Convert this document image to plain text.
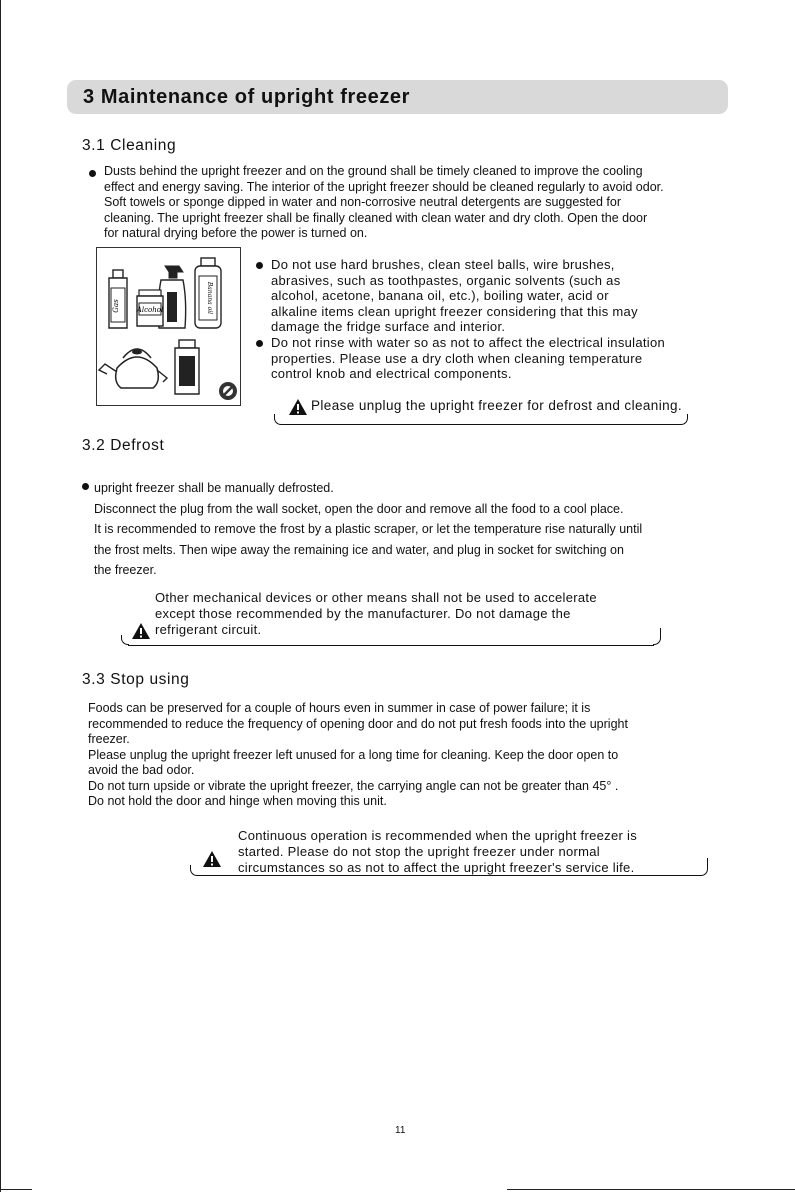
3 Maintenance of upright freezer
3.1 Cleaning
Dusts behind the upright freezer and on the ground shall be timely cleaned to improve the cooling
effect and energy saving. The interior of the upright freezer should be cleaned regularly to avoid odor.
Soft towels or sponge dipped in water and non-corrosive neutral detergents are suggested for
cleaning. The upright freezer shall be finally cleaned with clean water and dry cloth. Open the door
for natural drying before the power is turned on.
Gas Alcohol	Banana oil
Do not use hard brushes, clean steel balls, wire brushes,
abrasives, such as toothpastes, organic solvents (such as
alcohol, acetone, banana oil, etc.), boiling water, acid or
alkaline items clean upright freezer considering that this may
damage the fridge surface and interior.
Do not rinse with water so as not to affect the electrical insulation
properties. Please use a dry cloth when cleaning temperature
control knob and electrical components.
Please unplug the upright freezer for defrost and cleaning.
3.2 Defrost
upright freezer shall be manually defrosted.
Disconnect the plug from the wall socket, open the door and remove all the food to a cool place.
It is recommended to remove the frost by a plastic scraper, or let the temperature rise naturally until
the frost melts. Then wipe away the remaining ice and water, and plug in socket for switching on
the freezer.
Other mechanical devices or other means shall not be used to accelerate
except those recommended by the manufacturer. Do not damage the
refrigerant circuit.
3.3 Stop using
Foods can be preserved for a couple of hours even in summer in case of power failure; it is
recommended to reduce the frequency of opening door and do not put fresh foods into the upright
freezer.
Please unplug the upright freezer left unused for a long time for cleaning. Keep the door open to
avoid the bad odor.
Do not turn upside or vibrate the upright freezer, the carrying angle can not be greater than 45° .
Do not hold the door and hinge when moving this unit.
Continuous operation is recommended when the upright freezer is
started. Please do not stop the upright freezer under normal
circumstances so as not to affect the upright freezer's service life.
11
